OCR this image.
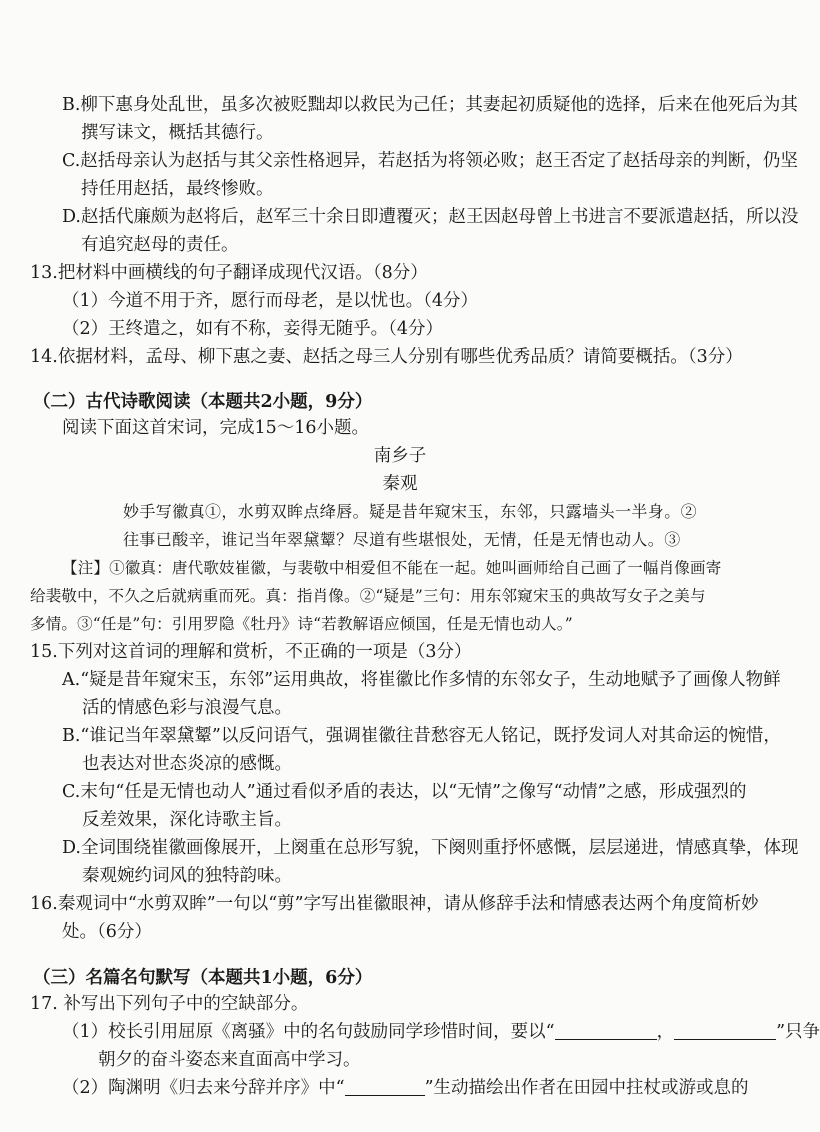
B.柳下惠身处乱世，虽多次被贬黜却以救民为己任；其妻起初质疑他的选择，后来在他死后为其
撰写诔文，概括其德行。
C.赵括母亲认为赵括与其父亲性格迥异，若赵括为将领必败；赵王否定了赵括母亲的判断，仍坚
持任用赵括，最终惨败。
D.赵括代廉颇为赵将后，赵军三十余日即遭覆灭；赵王因赵母曾上书进言不要派遣赵括，所以没
有追究赵母的责任。
13.把材料中画横线的句子翻译成现代汉语。（8分）
（1）今道不用于齐，愿行而母老，是以忧也。（4分）
（2）王终遣之，如有不称，妾得无随乎。（4分）
14.依据材料，孟母、柳下惠之妻、赵括之母三人分别有哪些优秀品质？请简要概括。（3分）
（二）古代诗歌阅读（本题共2小题，9分）
阅读下面这首宋词，完成15～16小题。
南乡子
秦观
妙手写徽真①，水剪双眸点绛唇。疑是昔年窥宋玉，东邻，只露墙头一半身。②
往事已酸辛，谁记当年翠黛颦？尽道有些堪恨处，无情，任是无情也动人。③
【注】①徽真：唐代歌妓崔徽，与裴敬中相爱但不能在一起。她叫画师给自己画了一幅肖像画寄
给裴敬中，不久之后就病重而死。真：指肖像。②“疑是”三句：用东邻窥宋玉的典故写女子之美与
多情。③“任是”句：引用罗隐《牡丹》诗“若教解语应倾国，任是无情也动人。”
15.下列对这首词的理解和赏析，不正确的一项是（3分）
A.“疑是昔年窥宋玉，东邻”运用典故，将崔徽比作多情的东邻女子，生动地赋予了画像人物鲜
活的情感色彩与浪漫气息。
B.“谁记当年翠黛颦”以反问语气，强调崔徽往昔愁容无人铭记，既抒发词人对其命运的惋惜，
也表达对世态炎凉的感慨。
C.末句“任是无情也动人”通过看似矛盾的表达，以“无情”之像写“动情”之感，形成强烈的
反差效果，深化诗歌主旨。
D.全词围绕崔徽画像展开，上阕重在总形写貌，下阕则重抒怀感慨，层层递进，情感真挚，体现
秦观婉约词风的独特韵味。
16.秦观词中“水剪双眸”一句以“剪”字写出崔徽眼神，请从修辞手法和情感表达两个角度简析妙
处。（6分）
（三）名篇名句默写（本题共1小题，6分）
17. 补写出下列句子中的空缺部分。
（1）校长引用屈原《离骚》中的名句鼓励同学珍惜时间，要以“	，	”只争
朝夕的奋斗姿态来直面高中学习。
（2）陶渊明《归去来兮辞并序》中“	”生动描绘出作者在田园中拄杖或游或息的
